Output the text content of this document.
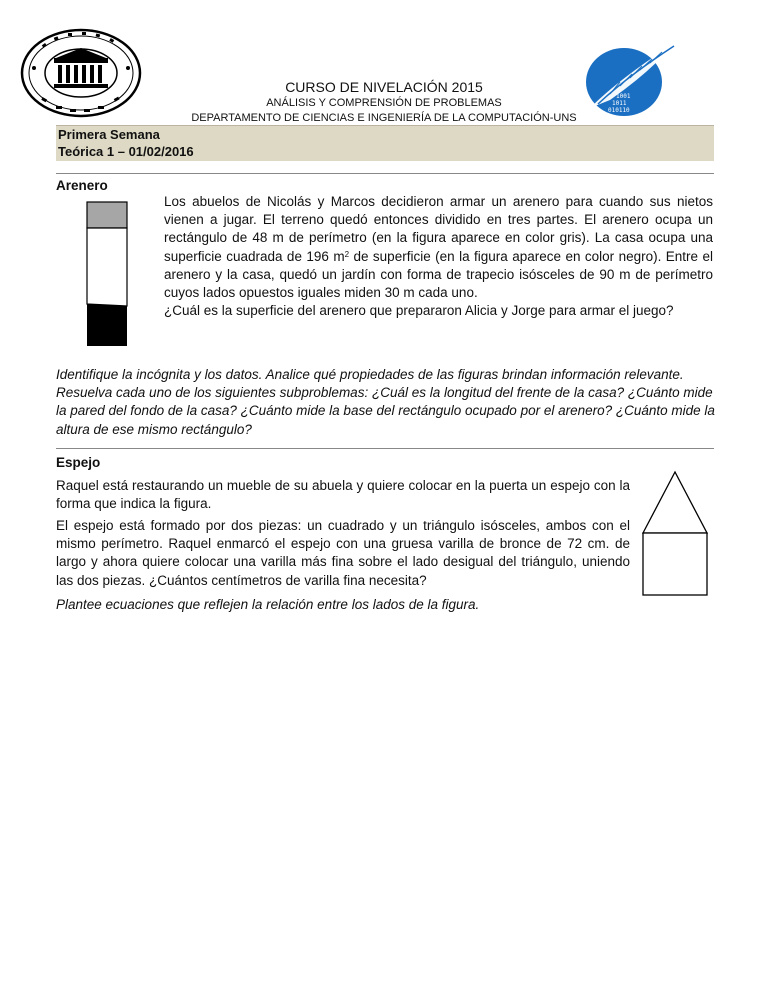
1001
1011
010110
CURSO DE NIVELACIÓN 2015
ANÁLISIS Y COMPRENSIÓN DE PROBLEMAS
DEPARTAMENTO DE CIENCIAS E INGENIERÍA DE LA COMPUTACIÓN-UNS
Primera Semana
Teórica 1 – 01/02/2016
Arenero
Los abuelos de Nicolás y Marcos decidieron armar un arenero para cuando sus nietos vienen a jugar. El terreno quedó entonces dividido en tres partes. El arenero ocupa un rectángulo de 48 m de perímetro (en la figura aparece en color gris). La casa ocupa una superficie cuadrada de 196 $m^2$ de superficie (en la figura aparece en color negro). Entre el arenero y la casa, quedó un jardín con forma de trapecio isósceles de 90 m de perímetro cuyos lados opuestos iguales miden 30 m cada uno.
¿Cuál es la superficie del arenero que prepararon Alicia y Jorge para armar el juego?
Identifique la incógnita y los datos. Analice qué propiedades de las figuras brindan información relevante. Resuelva cada uno de los siguientes subproblemas: ¿Cuál es la longitud del frente de la casa? ¿Cuánto mide la pared del fondo de la casa? ¿Cuánto mide la base del rectángulo ocupado por el arenero? ¿Cuánto mide la altura de ese mismo rectángulo?
Espejo
Raquel está restaurando un mueble de su abuela y quiere colocar en la puerta un espejo con la forma que indica la figura.
El espejo está formado por dos piezas: un cuadrado y un triángulo isósceles, ambos con el mismo perímetro. Raquel enmarcó el espejo con una gruesa varilla de bronce de 72 cm. de largo y ahora quiere colocar una varilla más fina sobre el lado desigual del triángulo, uniendo las dos piezas. ¿Cuántos centímetros de varilla fina necesita?
Plantee ecuaciones que reflejen la relación entre los lados de la figura.
